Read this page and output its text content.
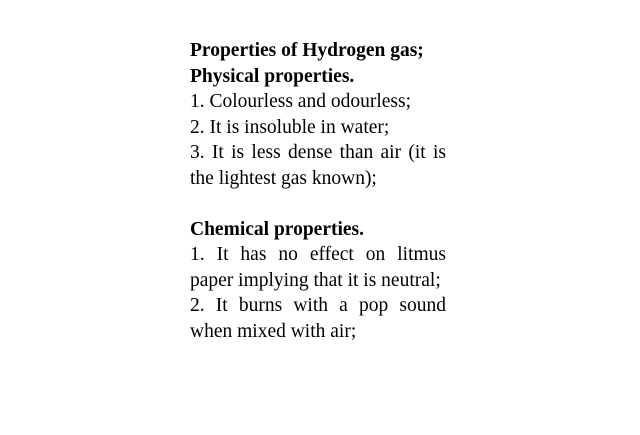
Properties of Hydrogen gas;

Physical properties.

1. Colourless and odourless;

2. It is insoluble in water;

3. It is less dense than air (it is the lightest gas known);

Chemical properties.

1. It has no effect on litmus paper implying that it is neutral;

2. It burns with a pop sound when mixed with air;
